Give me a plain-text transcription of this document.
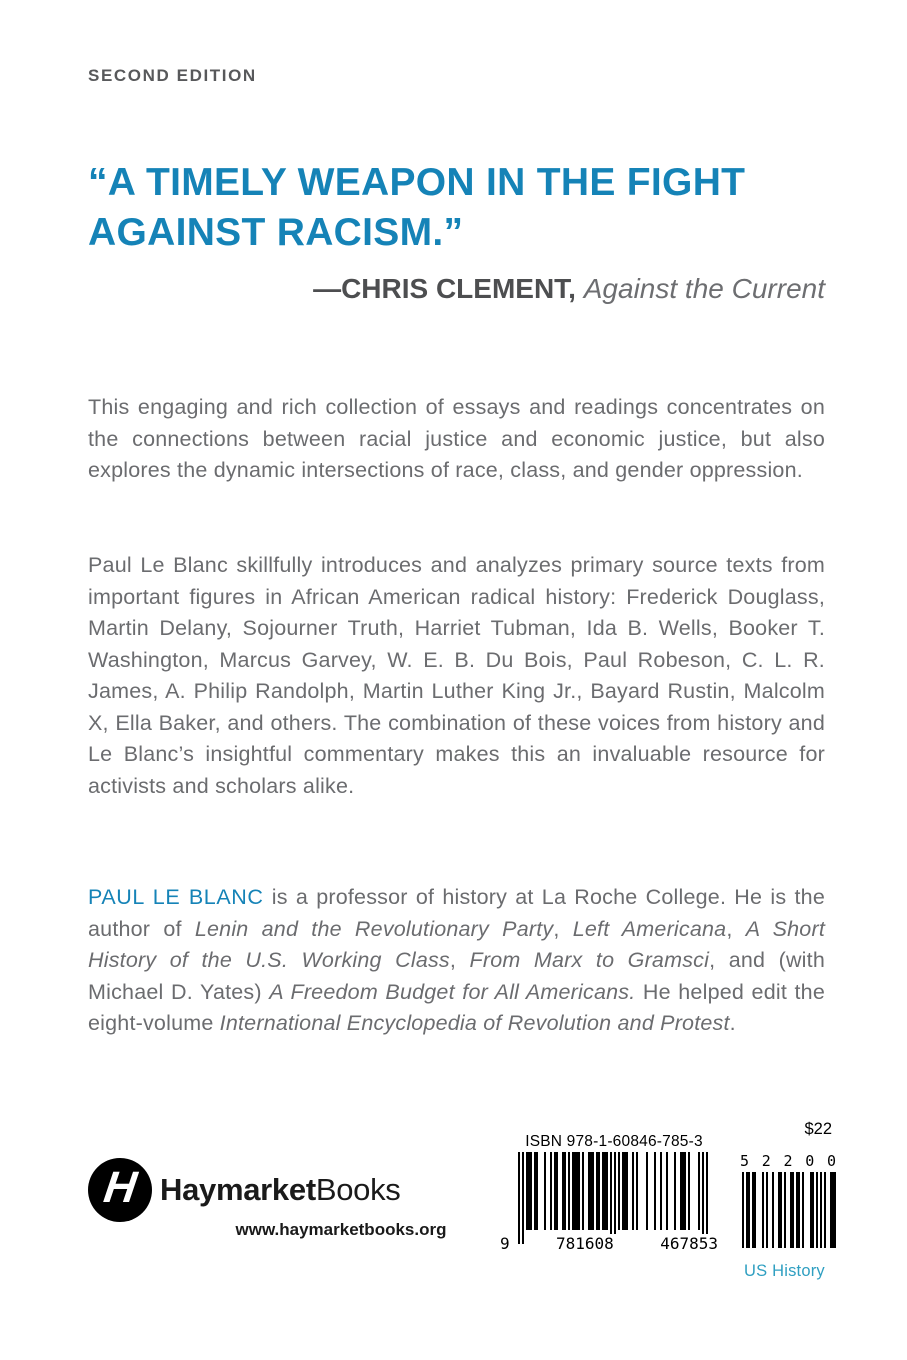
SECOND EDITION
“A TIMELY WEAPON IN THE FIGHT AGAINST RACISM.”
—CHRIS CLEMENT, Against the Current

This engaging and rich collection of essays and readings concentrates on the connections between racial justice and economic justice, but also explores the dynamic intersections of race, class, and gender oppression.

Paul Le Blanc skillfully introduces and analyzes primary source texts from important figures in African American radical history: Frederick Douglass, Martin Delany, Sojourner Truth, Harriet Tubman, Ida B. Wells, Booker T. Washington, Marcus Garvey, W. E. B. Du Bois, Paul Robeson, C. L. R. James, A. Philip Randolph, Martin Luther King Jr., Bayard Rustin, Malcolm X, Ella Baker, and others. The combination of these voices from history and Le Blanc’s insightful commentary makes this an invaluable resource for activists and scholars alike.

PAUL LE BLANC is a professor of history at La Roche College. He is the author of Lenin and the Revolutionary Party, Left Americana, A Short History of the U.S. Working Class, From Marx to Gramsci, and (with Michael D. Yates) A Freedom Budget for All Americans. He helped edit the eight-volume International Encyclopedia of Revolution and Protest.

H HaymarketBooks
www.haymarketbooks.org
ISBN 978-1-60846-785-3
9	781608	467853
$22
5 2 2 0 0
US History
